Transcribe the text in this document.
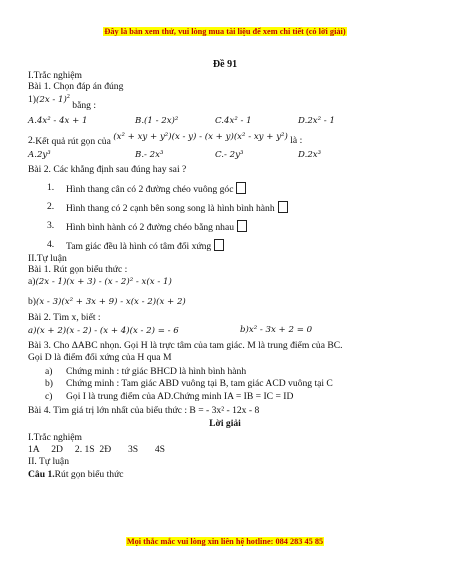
Đây là bản xem thử, vui lòng mua tài liệu để xem chi tiết (có lời giải)
Đề 91
I.Trắc nghiệm
Bài 1. Chọn đáp án đúng
1)(2x - 1)$^2$ bằng :
A.4x² - 4x + 1	B.(1 - 2x)²	C.4x² - 1	D.2x² - 1
2.Kết quả rút gọn của (x² + xy + y²)(x - y) - (x + y)(x² - xy + y²) là :
A.2y³	B.- 2x³	C.- 2y³	D.2x³
Bài 2. Các khẳng định sau đúng hay sai ?
1. Hình thang cân có 2 đường chéo vuông góc
2. Hình thang có 2 cạnh bên song song là hình bình hành
3. Hình bình hành có 2 đường chéo bằng nhau
4. Tam giác đều là hình có tâm đối xứng
II.Tự luận
Bài 1. Rút gọn biểu thức :
a)(2x - 1)(x + 3) - (x - 2)² - x(x - 1)
b)(x - 3)(x² + 3x + 9) - x(x - 2)(x + 2)
Bài 2. Tìm x, biết :
a)(x + 2)(x - 2) - (x + 4)(x - 2) = - 6	b)x² - 3x + 2 = 0
Bài 3. Cho ΔABC nhọn. Gọi H là trực tâm của tam giác. M là trung điểm của BC.
Gọi D là điểm đối xứng của H qua M
a) Chứng minh : tứ giác BHCD là hình bình hành
b) Chứng minh : Tam giác ABD vuông tại B, tam giác ACD vuông tại C
c) Gọi I là trung điểm của AD.Chứng minh IA = IB = IC = ID
Bài 4. Tìm giá trị lớn nhất của biểu thức : B = - 3x² - 12x - 8
Lời giải
I.Trắc nghiệm
1A     2D     2. 1S  2Đ       3S       4S
II. Tự luận
Câu 1.Rút gọn biểu thức
Mọi thắc mắc vui lòng xin liên hệ hotline: 084 283 45 85
